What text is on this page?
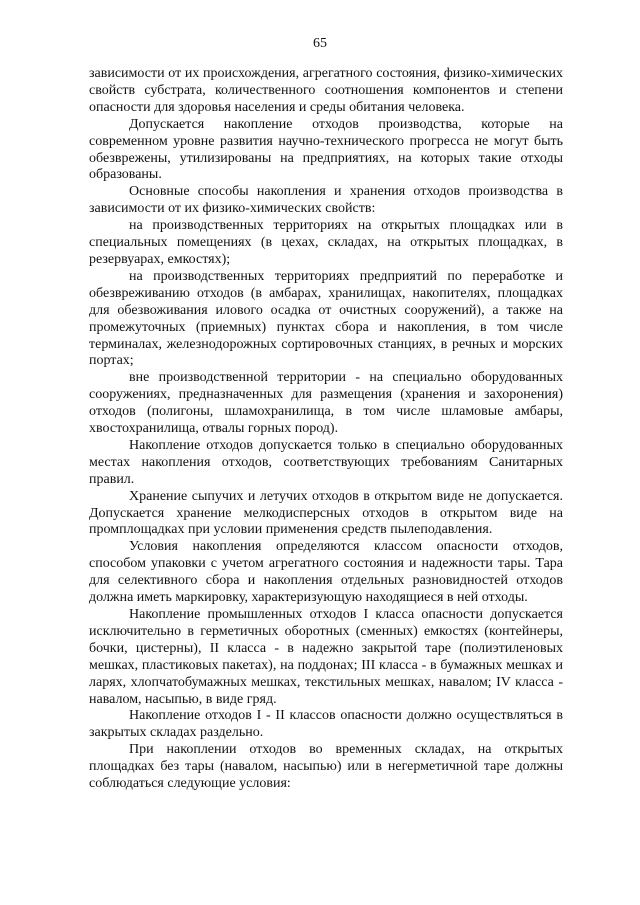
65

зависимости от их происхождения, агрегатного состояния, физико-химических свойств субстрата, количественного соотношения компонентов и степени опасности для здоровья населения и среды обитания человека.

Допускается накопление отходов производства, которые на современном уровне развития научно-технического прогресса не могут быть обезврежены, утилизированы на предприятиях, на которых такие отходы образованы.

Основные способы накопления и хранения отходов производства в зависимости от их физико-химических свойств:

на производственных территориях на открытых площадках или в специальных помещениях (в цехах, складах, на открытых площадках, в резервуарах, емкостях);

на производственных территориях предприятий по переработке и обезвреживанию отходов (в амбарах, хранилищах, накопителях, площадках для обезвоживания илового осадка от очистных сооружений), а также на промежуточных (приемных) пунктах сбора и накопления, в том числе терминалах, железнодорожных сортировочных станциях, в речных и морских портах;

вне производственной территории - на специально оборудованных сооружениях, предназначенных для размещения (хранения и захоронения) отходов (полигоны, шламохранилища, в том числе шламовые амбары, хвостохранилища, отвалы горных пород).

Накопление отходов допускается только в специально оборудованных местах накопления отходов, соответствующих требованиям Санитарных правил.

Хранение сыпучих и летучих отходов в открытом виде не допускается. Допускается хранение мелкодисперсных отходов в открытом виде на промплощадках при условии применения средств пылеподавления.

Условия накопления определяются классом опасности отходов, способом упаковки с учетом агрегатного состояния и надежности тары. Тара для селективного сбора и накопления отдельных разновидностей отходов должна иметь маркировку, характеризующую находящиеся в ней отходы.

Накопление промышленных отходов I класса опасности допускается исключительно в герметичных оборотных (сменных) емкостях (контейнеры, бочки, цистерны), II класса - в надежно закрытой таре (полиэтиленовых мешках, пластиковых пакетах), на поддонах; III класса - в бумажных мешках и ларях, хлопчатобумажных мешках, текстильных мешках, навалом; IV класса - навалом, насыпью, в виде гряд.

Накопление отходов I - II классов опасности должно осуществляться в закрытых складах раздельно.

При накоплении отходов во временных складах, на открытых площадках без тары (навалом, насыпью) или в негерметичной таре должны соблюдаться следующие условия:
